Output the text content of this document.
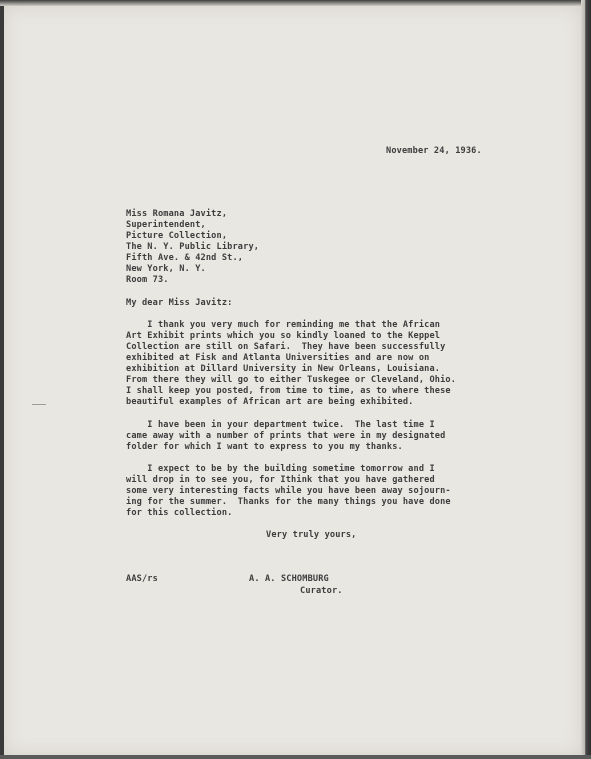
November 24, 1936.

Miss Romana Javitz,

Superintendent,

Picture Collection,

The N. Y. Public Library,

Fifth Ave. & 42nd St.,

New York, N. Y.

Room 73.

My dear Miss Javitz:

I thank you very much for reminding me that the African

Art Exhibit prints which you so kindly loaned to the Keppel

Collection are still on Safari.  They have been successfully

exhibited at Fisk and Atlanta Universities and are now on

exhibition at Dillard University in New Orleans, Louisiana.

From there they will go to either Tuskegee or Cleveland, Ohio.

I shall keep you posted, from time to time, as to where these

beautiful examples of African art are being exhibited.

I have been in your department twice.  The last time I

came away with a number of prints that were in my designated

folder for which I want to express to you my thanks.

I expect to be by the building sometime tomorrow and I

will drop in to see you, for Ithink that you have gathered

some very interesting facts while you have been away sojourn-

ing for the summer.  Thanks for the many things you have done

for this collection.

Very truly yours,

AAS/rs	A. A. SCHOMBURG

Curator.
